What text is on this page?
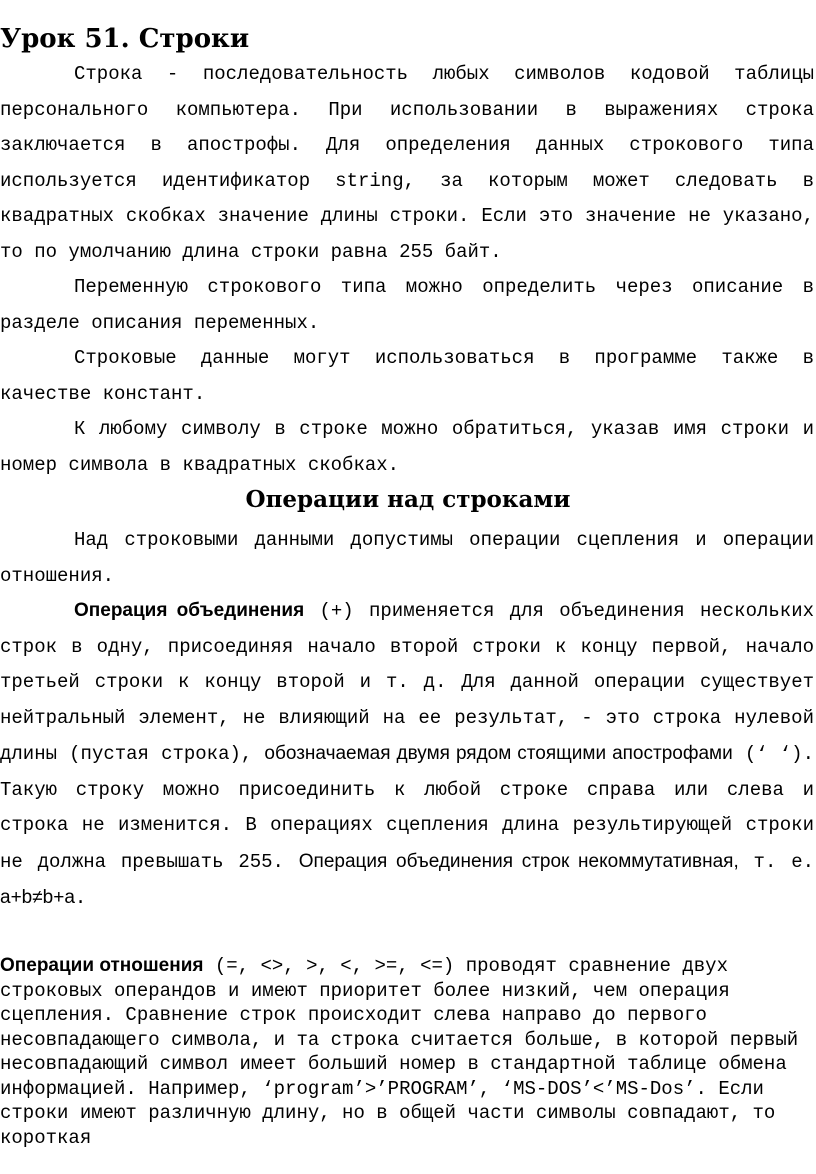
Урок 51. Строки

Строка - последовательность любых символов кодовой таблицы персонального компьютера. При использовании в выражениях строка заключается в апострофы. Для определения данных строкового типа используется идентификатор string, за которым может следовать в квадратных скобках значение длины строки. Если это значение не указано, то по умолчанию длина строки равна 255 байт.

Переменную строкового типа можно определить через описание в разделе описания переменных.

Строковые данные могут использоваться в программе также в качестве констант.

К любому символу в строке можно обратиться, указав имя строки и номер символа в квадратных скобках.

Операции над строками

Над строковыми данными допустимы операции сцепления и операции отношения.

Операция объединения (+) применяется для объединения нескольких строк в одну, присоединяя начало второй строки к концу первой, начало третьей строки к концу второй и т. д. Для данной операции существует нейтральный элемент, не влияющий на ее результат, - это строка нулевой длины (пустая строка), обозначаемая двумя рядом стоящими апострофами (‘ ‘). Такую строку можно присоединить к любой строке справа или слева и строка не изменится. В операциях сцепления длина результирующей строки не должна превышать 255. Операция объединения строк некоммутативная, т. е. a+b≠b+a.

Операции отношения (=, <>, >, <, >=, <=) проводят сравнение двух строковых операндов и имеют приоритет более низкий, чем операция сцепления. Сравнение строк происходит слева направо до первого несовпадающего символа, и та строка считается больше, в которой первый несовпадающий символ имеет больший номер в стандартной таблице обмена информацией. Например, ‘program’>’PROGRAM’, ‘MS-DOS’<’MS-Dos’. Если строки имеют различную длину, но в общей части символы совпадают, то короткая
